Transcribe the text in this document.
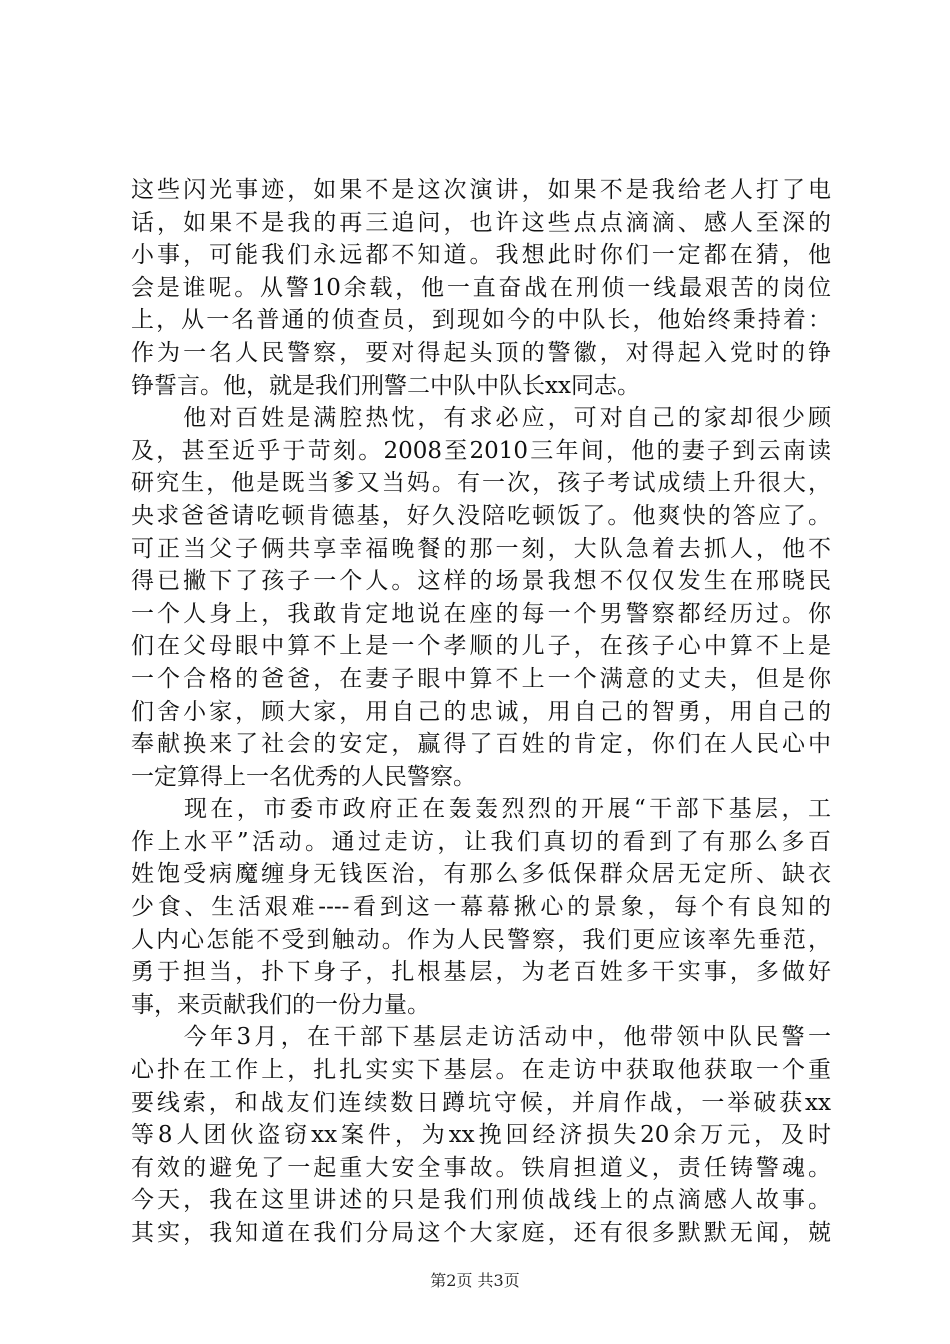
这些闪光事迹，如果不是这次演讲，如果不是我给老人打了电
话，如果不是我的再三追问，也许这些点点滴滴、感人至深的
小事，可能我们永远都不知道。我想此时你们一定都在猜，他
会是谁呢。从警10余载，他一直奋战在刑侦一线最艰苦的岗位
上，从一名普通的侦查员，到现如今的中队长，他始终秉持着：
作为一名人民警察，要对得起头顶的警徽，对得起入党时的铮
铮誓言。他，就是我们刑警二中队中队长xx同志。
　　他对百姓是满腔热忱，有求必应，可对自己的家却很少顾
及，甚至近乎于苛刻。2008至2010三年间，他的妻子到云南读
研究生，他是既当爹又当妈。有一次，孩子考试成绩上升很大，
央求爸爸请吃顿肯德基，好久没陪吃顿饭了。他爽快的答应了。
可正当父子俩共享幸福晚餐的那一刻，大队急着去抓人，他不
得已撇下了孩子一个人。这样的场景我想不仅仅发生在邢晓民
一个人身上，我敢肯定地说在座的每一个男警察都经历过。你
们在父母眼中算不上是一个孝顺的儿子，在孩子心中算不上是
一个合格的爸爸，在妻子眼中算不上一个满意的丈夫，但是你
们舍小家，顾大家，用自己的忠诚，用自己的智勇，用自己的
奉献换来了社会的安定，赢得了百姓的肯定，你们在人民心中
一定算得上一名优秀的人民警察。
　　现在，市委市政府正在轰轰烈烈的开展“干部下基层，工
作上水平”活动。通过走访，让我们真切的看到了有那么多百
姓饱受病魔缠身无钱医治，有那么多低保群众居无定所、缺衣
少食、生活艰难----看到这一幕幕揪心的景象，每个有良知的
人内心怎能不受到触动。作为人民警察，我们更应该率先垂范，
勇于担当，扑下身子，扎根基层，为老百姓多干实事，多做好
事，来贡献我们的一份力量。
　　今年3月，在干部下基层走访活动中，他带领中队民警一
心扑在工作上，扎扎实实下基层。在走访中获取他获取一个重
要线索，和战友们连续数日蹲坑守候，并肩作战，一举破获xx
等8人团伙盗窃xx案件，为xx挽回经济损失20余万元，及时
有效的避免了一起重大安全事故。铁肩担道义，责任铸警魂。
今天，我在这里讲述的只是我们刑侦战线上的点滴感人故事。
其实，我知道在我们分局这个大家庭，还有很多默默无闻，兢
第2页 共3页
